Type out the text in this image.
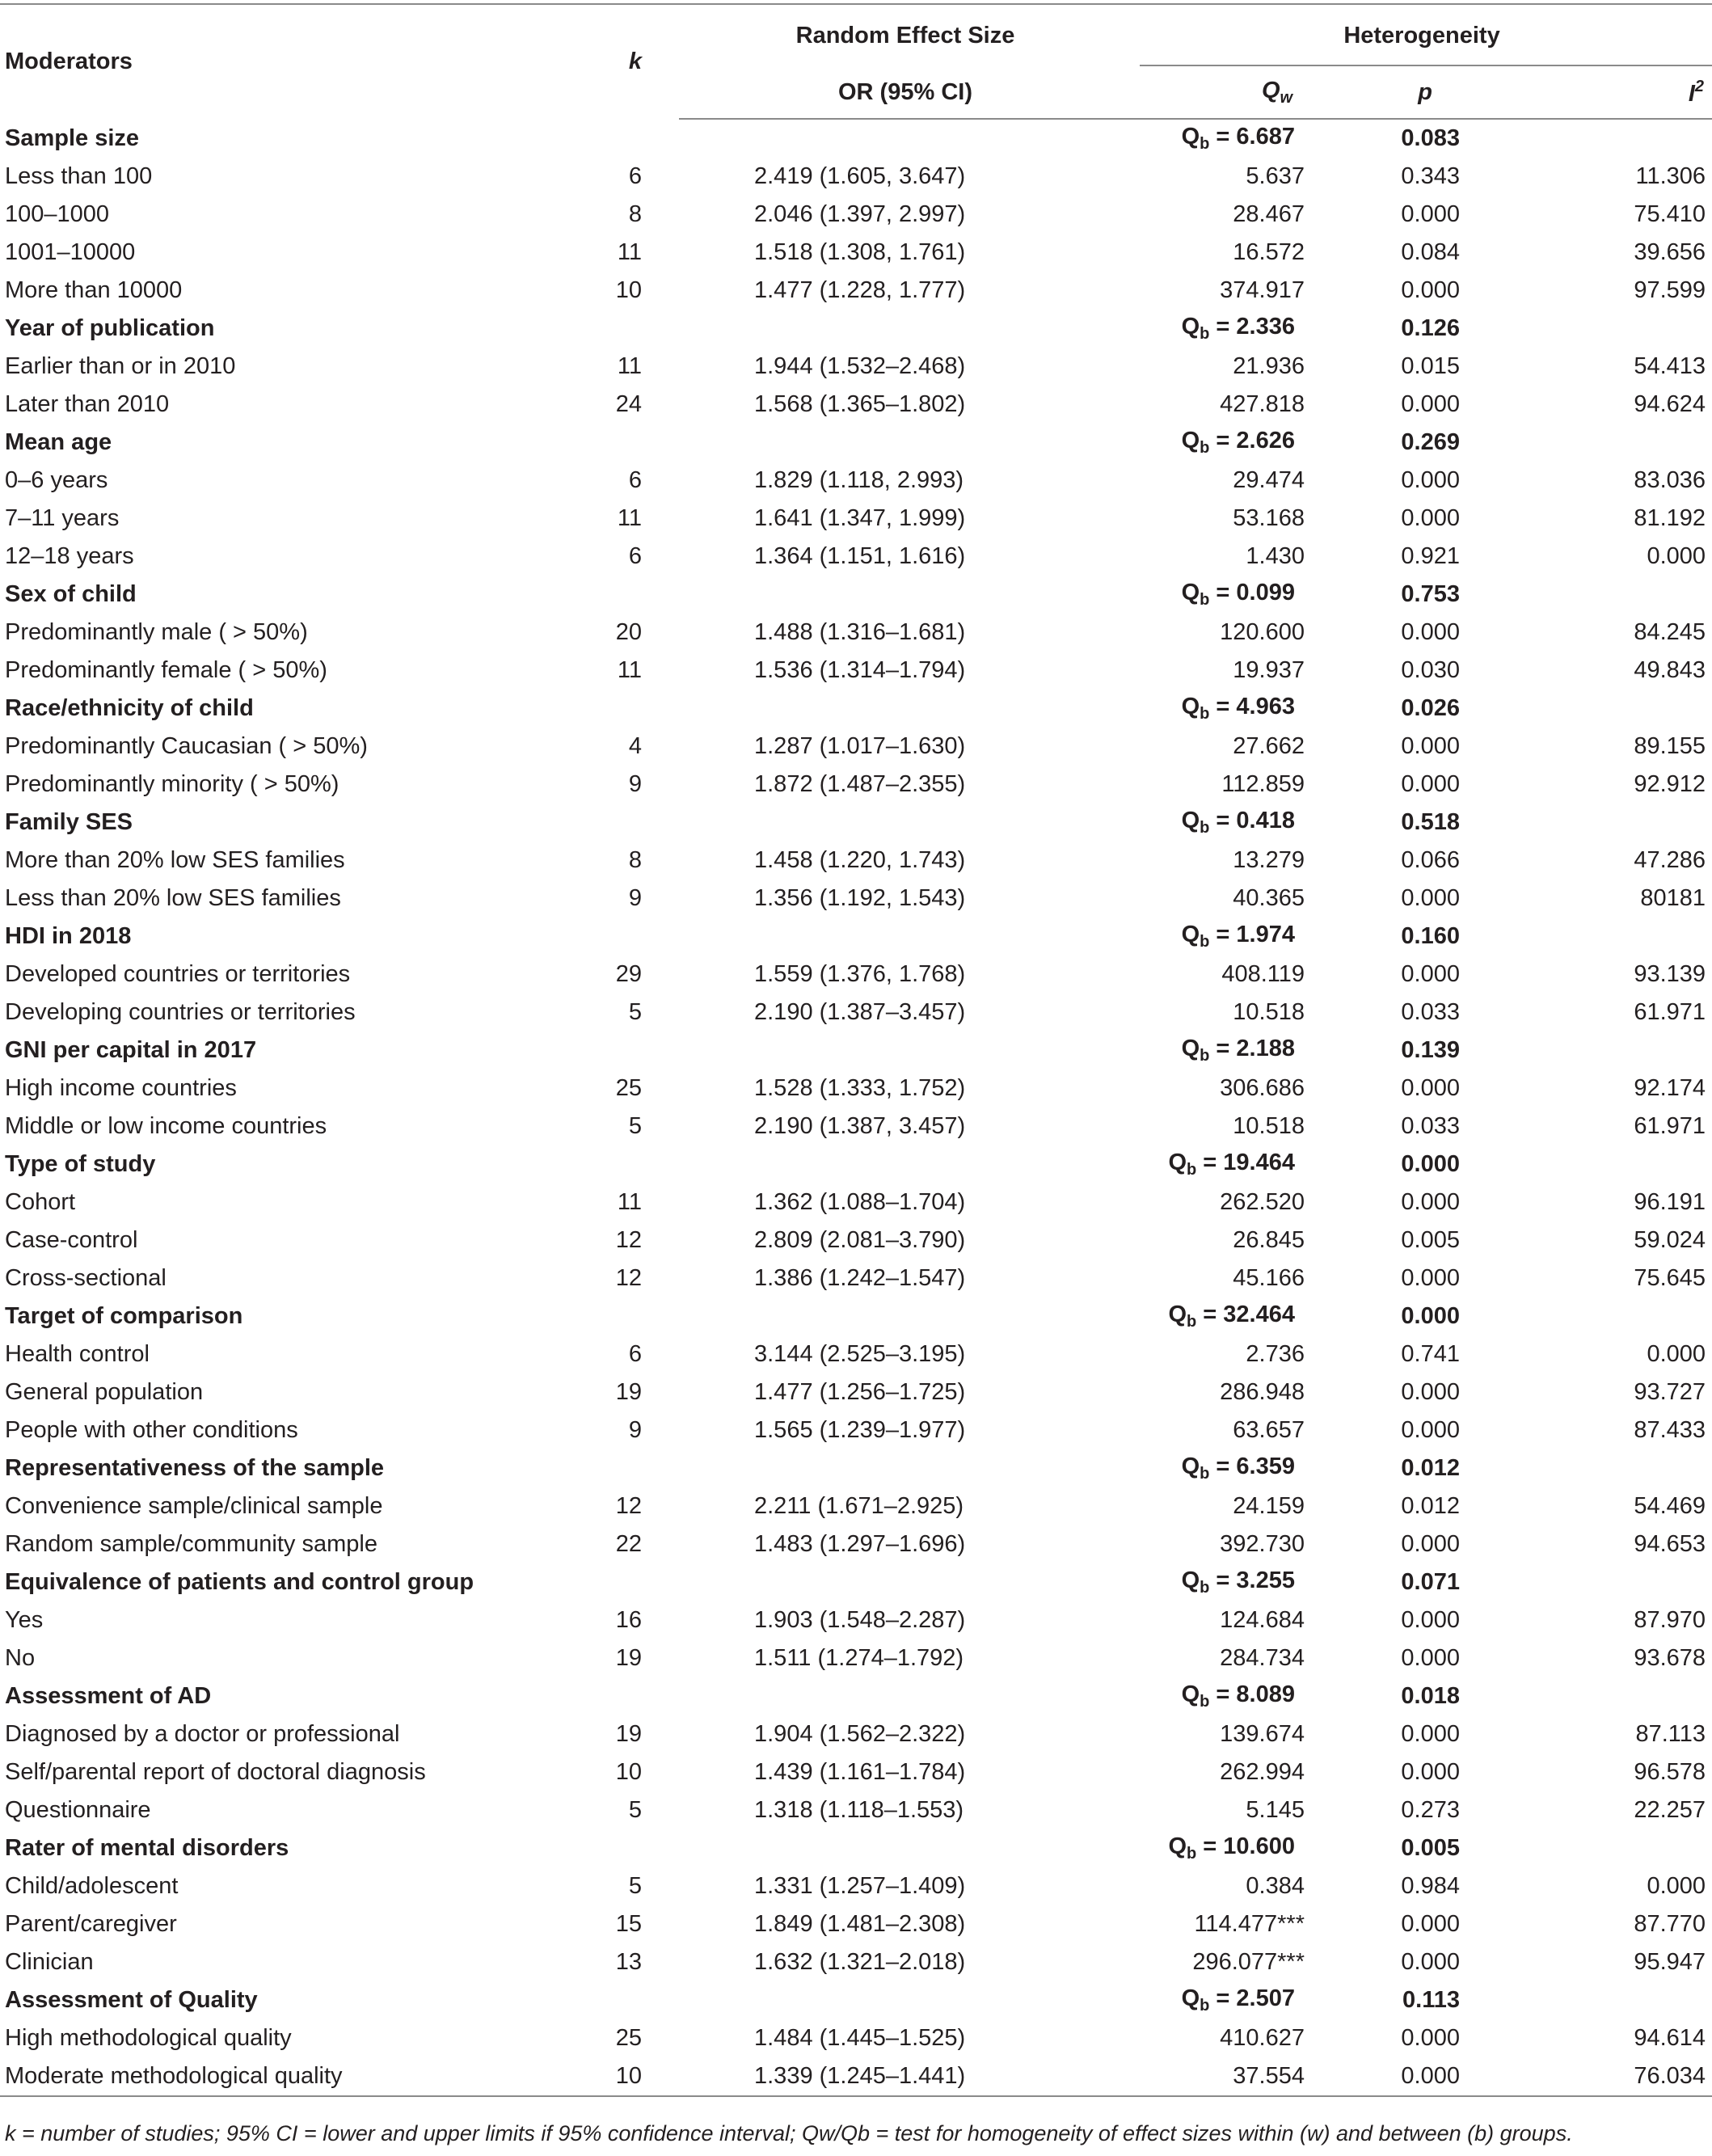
Moderators	k	Random Effect Size	Heterogeneity		

		OR (95% CI)	$Q_w$	p	$I^2$
Sample size			$Q_b = 6.687$	0.083	
Less than 100	6	2.419 (1.605, 3.647)	5.637	0.343	11.306
100–1000	8	2.046 (1.397, 2.997)	28.467	0.000	75.410
1001–10000	11	1.518 (1.308, 1.761)	16.572	0.084	39.656
More than 10000	10	1.477 (1.228, 1.777)	374.917	0.000	97.599
Year of publication			$Q_b = 2.336$	0.126	
Earlier than or in 2010	11	1.944 (1.532–2.468)	21.936	0.015	54.413
Later than 2010	24	1.568 (1.365–1.802)	427.818	0.000	94.624
Mean age			$Q_b = 2.626$	0.269	
0–6 years	6	1.829 (1.118, 2.993)	29.474	0.000	83.036
7–11 years	11	1.641 (1.347, 1.999)	53.168	0.000	81.192
12–18 years	6	1.364 (1.151, 1.616)	1.430	0.921	0.000
Sex of child			$Q_b = 0.099$	0.753	
Predominantly male ( > 50%)	20	1.488 (1.316–1.681)	120.600	0.000	84.245
Predominantly female ( > 50%)	11	1.536 (1.314–1.794)	19.937	0.030	49.843
Race/ethnicity of child			$Q_b = 4.963$	0.026	
Predominantly Caucasian ( > 50%)	4	1.287 (1.017–1.630)	27.662	0.000	89.155
Predominantly minority ( > 50%)	9	1.872 (1.487–2.355)	112.859	0.000	92.912
Family SES			$Q_b = 0.418$	0.518	
More than 20% low SES families	8	1.458 (1.220, 1.743)	13.279	0.066	47.286
Less than 20% low SES families	9	1.356 (1.192, 1.543)	40.365	0.000	80181
HDI in 2018			$Q_b = 1.974$	0.160	
Developed countries or territories	29	1.559 (1.376, 1.768)	408.119	0.000	93.139
Developing countries or territories	5	2.190 (1.387–3.457)	10.518	0.033	61.971
GNI per capital in 2017			$Q_b = 2.188$	0.139	
High income countries	25	1.528 (1.333, 1.752)	306.686	0.000	92.174
Middle or low income countries	5	2.190 (1.387, 3.457)	10.518	0.033	61.971
Type of study			$Q_b = 19.464$	0.000	
Cohort	11	1.362 (1.088–1.704)	262.520	0.000	96.191
Case-control	12	2.809 (2.081–3.790)	26.845	0.005	59.024
Cross-sectional	12	1.386 (1.242–1.547)	45.166	0.000	75.645
Target of comparison			$Q_b = 32.464$	0.000	
Health control	6	3.144 (2.525–3.195)	2.736	0.741	0.000
General population	19	1.477 (1.256–1.725)	286.948	0.000	93.727
People with other conditions	9	1.565 (1.239–1.977)	63.657	0.000	87.433
Representativeness of the sample			$Q_b = 6.359$	0.012	
Convenience sample/clinical sample	12	2.211 (1.671–2.925)	24.159	0.012	54.469
Random sample/community sample	22	1.483 (1.297–1.696)	392.730	0.000	94.653
Equivalence of patients and control group			$Q_b = 3.255$	0.071	
Yes	16	1.903 (1.548–2.287)	124.684	0.000	87.970
No	19	1.511 (1.274–1.792)	284.734	0.000	93.678
Assessment of AD			$Q_b = 8.089$	0.018	
Diagnosed by a doctor or professional	19	1.904 (1.562–2.322)	139.674	0.000	87.113
Self/parental report of doctoral diagnosis	10	1.439 (1.161–1.784)	262.994	0.000	96.578
Questionnaire	5	1.318 (1.118–1.553)	5.145	0.273	22.257
Rater of mental disorders			$Q_b = 10.600$	0.005	
Child/adolescent	5	1.331 (1.257–1.409)	0.384	0.984	0.000
Parent/caregiver	15	1.849 (1.481–2.308)	114.477***	0.000	87.770
Clinician	13	1.632 (1.321–2.018)	296.077***	0.000	95.947
Assessment of Quality			$Q_b = 2.507$	0.113	
High methodological quality	25	1.484 (1.445–1.525)	410.627	0.000	94.614
Moderate methodological quality	10	1.339 (1.245–1.441)	37.554	0.000	76.034
k = number of studies; 95% CI = lower and upper limits if 95% confidence interval; Qw/Qb = test for homogeneity of effect sizes within (w) and between (b) groups.
